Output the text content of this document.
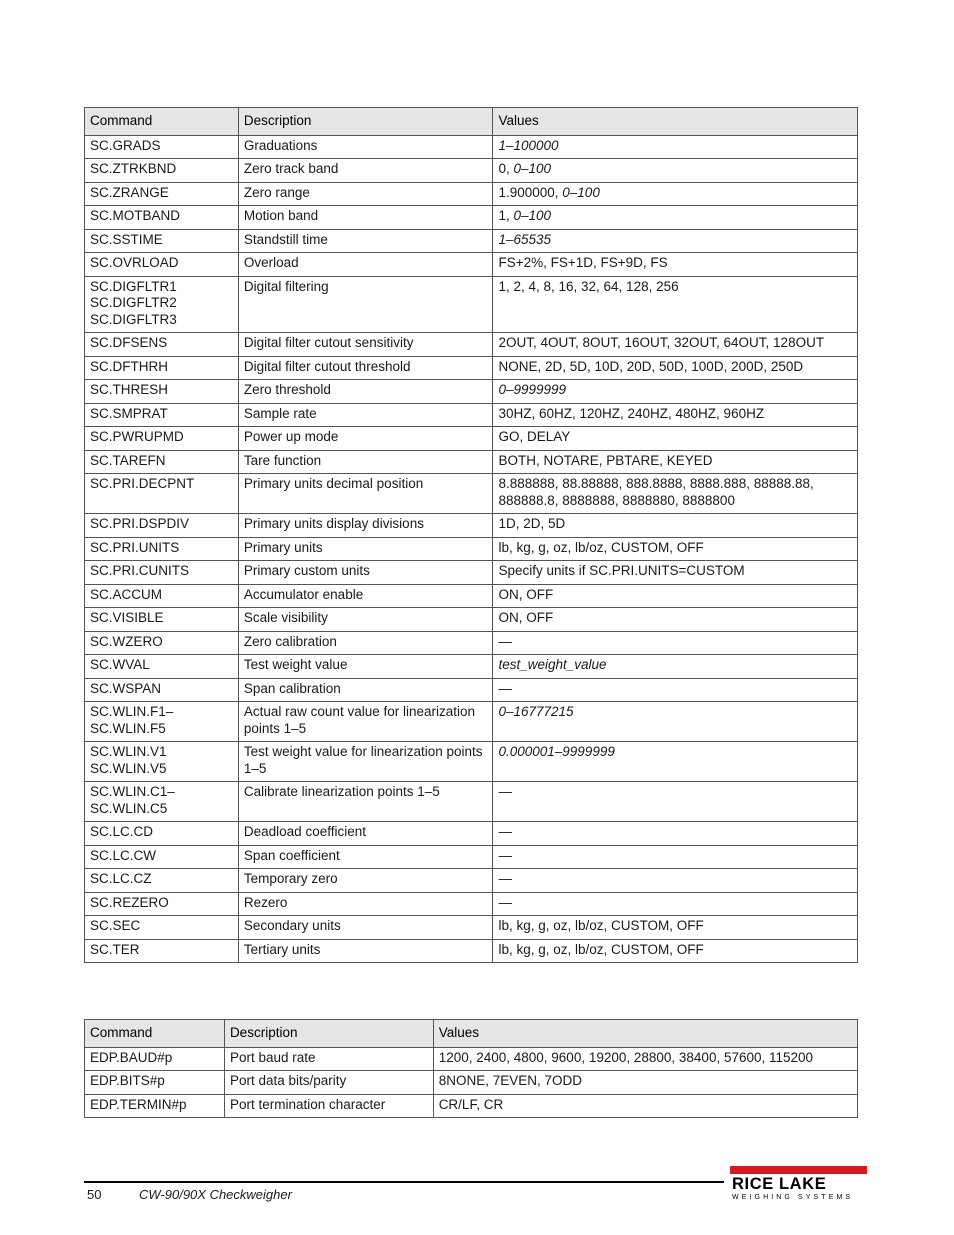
Command	Description	Values
SC.GRADS	Graduations	1–100000
SC.ZTRKBND	Zero track band	0, 0–100
SC.ZRANGE	Zero range	1.900000, 0–100
SC.MOTBAND	Motion band	1, 0–100
SC.SSTIME	Standstill time	1–65535
SC.OVRLOAD	Overload	FS+2%, FS+1D, FS+9D, FS
SC.DIGFLTR1
SC.DIGFLTR2
SC.DIGFLTR3	Digital filtering	1, 2, 4, 8, 16, 32, 64, 128, 256
SC.DFSENS	Digital filter cutout sensitivity	2OUT, 4OUT, 8OUT, 16OUT, 32OUT, 64OUT, 128OUT
SC.DFTHRH	Digital filter cutout threshold	NONE, 2D, 5D, 10D, 20D, 50D, 100D, 200D, 250D
SC.THRESH	Zero threshold	0–9999999
SC.SMPRAT	Sample rate	30HZ, 60HZ, 120HZ, 240HZ, 480HZ, 960HZ
SC.PWRUPMD	Power up mode	GO, DELAY
SC.TAREFN	Tare function	BOTH, NOTARE, PBTARE, KEYED
SC.PRI.DECPNT	Primary units decimal position	8.888888, 88.88888, 888.8888, 8888.888, 88888.88, 888888.8, 8888888, 8888880, 8888800
SC.PRI.DSPDIV	Primary units display divisions	1D, 2D, 5D
SC.PRI.UNITS	Primary units	lb, kg, g, oz, lb/oz, CUSTOM, OFF
SC.PRI.CUNITS	Primary custom units	Specify units if SC.PRI.UNITS=CUSTOM
SC.ACCUM	Accumulator enable	ON, OFF
SC.VISIBLE	Scale visibility	ON, OFF
SC.WZERO	Zero calibration	—
SC.WVAL	Test weight value	test_weight_value
SC.WSPAN	Span calibration	—
SC.WLIN.F1–
SC.WLIN.F5	Actual raw count value for linearization points 1–5	0–16777215
SC.WLIN.V1
SC.WLIN.V5	Test weight value for linearization points 1–5	0.000001–9999999
SC.WLIN.C1–
SC.WLIN.C5	Calibrate linearization points 1–5	—
SC.LC.CD	Deadload coefficient	—
SC.LC.CW	Span coefficient	—
SC.LC.CZ	Temporary zero	—
SC.REZERO	Rezero	—
SC.SEC	Secondary units	lb, kg, g, oz, lb/oz, CUSTOM, OFF
SC.TER	Tertiary units	lb, kg, g, oz, lb/oz, CUSTOM, OFF
Command	Description	Values
EDP.BAUD#p	Port baud rate	1200, 2400, 4800, 9600, 19200, 28800, 38400, 57600, 115200
EDP.BITS#p	Port data bits/parity	8NONE, 7EVEN, 7ODD
EDP.TERMIN#p	Port termination character	CR/LF, CR
50	CW-90/90X Checkweigher
RICE LAKE
WEIGHING SYSTEMS
